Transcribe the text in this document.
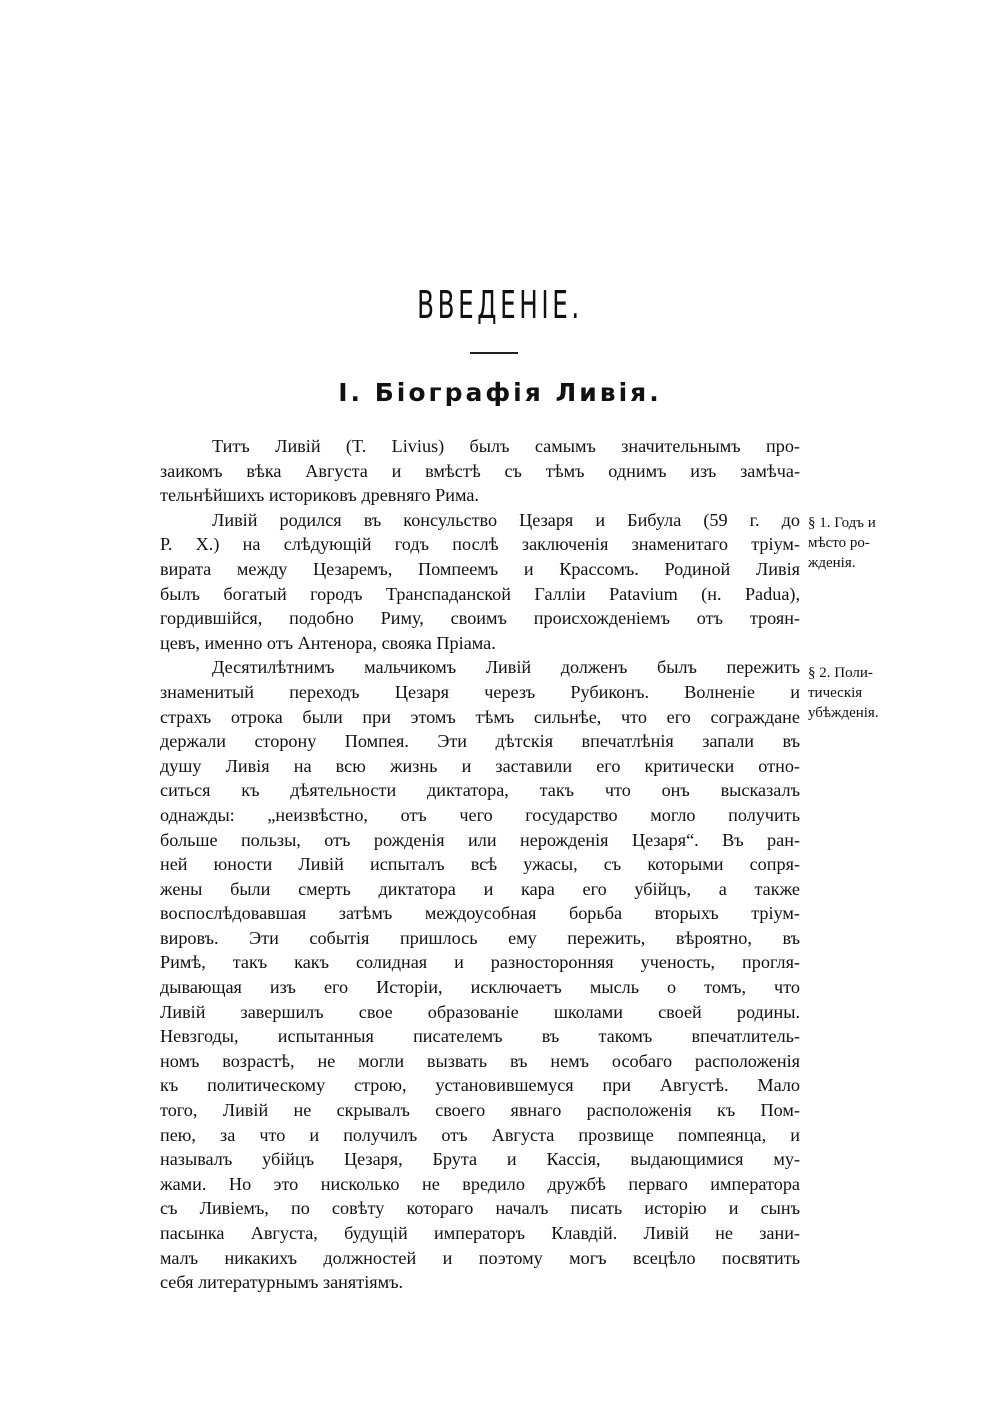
ВВЕДЕНІЕ.
I. Біографія Ливія.
Титъ Ливій (T. Livius) былъ самымъ значительнымъ про-
заикомъ вѣка Августа и вмѣстѣ съ тѣмъ однимъ изъ замѣча-
тельнѣйшихъ историковъ древняго Рима.
Ливій родился въ консульство Цезаря и Бибула (59 г. до
Р. Х.) на слѣдующій годъ послѣ заключенія знаменитаго тріум-
вирата между Цезаремъ, Помпеемъ и Крассомъ. Родиной Ливія
былъ богатый городъ Транспаданской Галліи Patavium (н. Padua),
гордившійся, подобно Риму, своимъ происхожденіемъ отъ троян-
цевъ, именно отъ Антенора, свояка Пріама.
Десятилѣтнимъ мальчикомъ Ливій долженъ былъ пережить
знаменитый переходъ Цезаря черезъ Рубиконъ. Волненіе и
страхъ отрока были при этомъ тѣмъ сильнѣе, что его сограждане
держали сторону Помпея. Эти дѣтскія впечатлѣнія запали въ
душу Ливія на всю жизнь и заставили его критически отно-
ситься къ дѣятельности диктатора, такъ что онъ высказалъ
однажды: „неизвѣстно, отъ чего государство могло получить
больше пользы, отъ рожденія или нерожденія Цезаря“. Въ ран-
ней юности Ливій испыталъ всѣ ужасы, съ которыми сопря-
жены были смерть диктатора и кара его убійцъ, а также
воспослѣдовавшая затѣмъ междоусобная борьба вторыхъ тріум-
вировъ. Эти событія пришлось ему пережить, вѣроятно, въ
Римѣ, такъ какъ солидная и разносторонняя ученость, прогля-
дывающая изъ его Исторіи, исключаетъ мысль о томъ, что
Ливій завершилъ свое образованіе школами своей родины.
Невзгоды, испытанныя писателемъ въ такомъ впечатлитель-
номъ возрастѣ, не могли вызвать въ немъ особаго расположенія
къ политическому строю, установившемуся при Августѣ. Мало
того, Ливій не скрывалъ своего явнаго расположенія къ Пом-
пею, за что и получилъ отъ Августа прозвище помпеянца, и
называлъ убійцъ Цезаря, Брута и Кассія, выдающимися му-
жами. Но это нисколько не вредило дружбѣ перваго императора
съ Ливіемъ, по совѣту котораго началъ писать исторію и сынъ
пасынка Августа, будущій императоръ Клавдій. Ливій не зани-
малъ никакихъ должностей и поэтому могъ всецѣло посвятить
себя литературнымъ занятіямъ.
§ 1. Годъ и
мѣсто ро-
жденія.
§ 2. Поли-
тическія
убѣжденія.
